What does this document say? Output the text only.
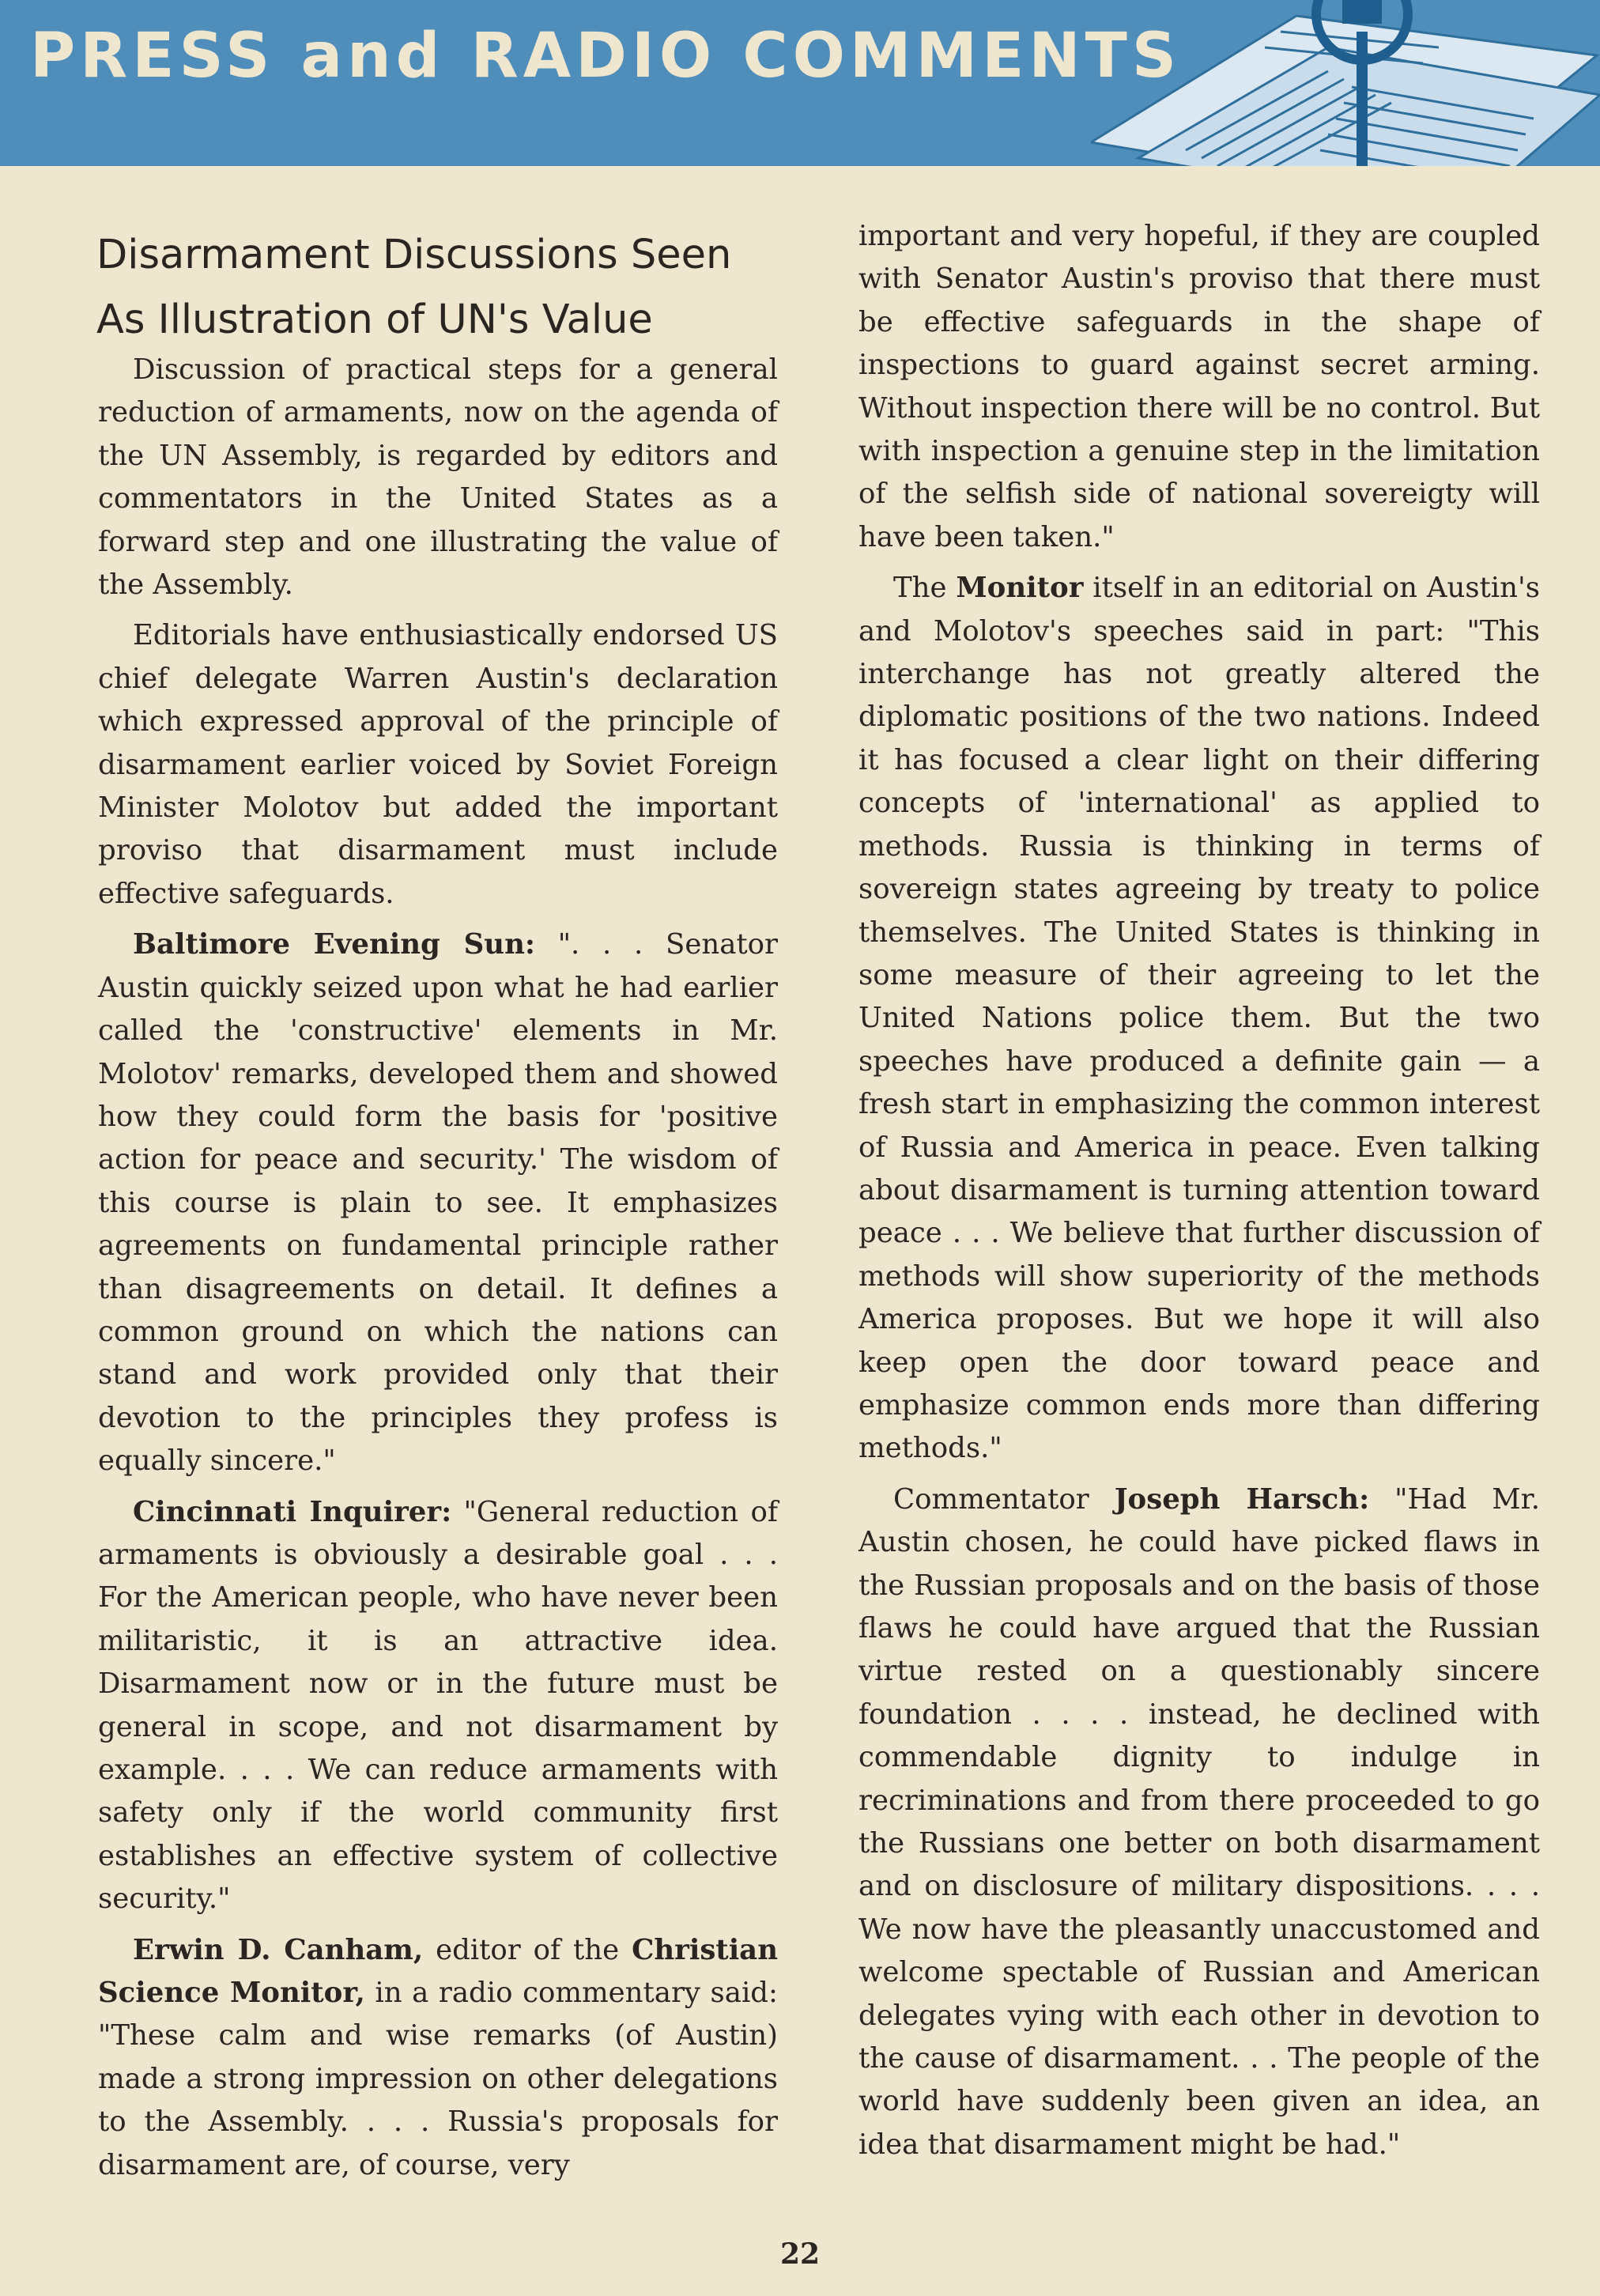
PRESS and RADIO COMMENTS
Disarmament Discussions Seen
As Illustration of UN's Value

Discussion of practical steps for a general reduction of armaments, now on the agenda of the UN Assembly, is regarded by editors and commentators in the United States as a forward step and one illustrating the value of the Assembly.

Editorials have enthusiastically endorsed US chief delegate Warren Austin's declaration which expressed approval of the principle of disarmament earlier voiced by Soviet Foreign Minister Molotov but added the important proviso that disarmament must include effective safeguards.

Baltimore Evening Sun: ". . . Senator Austin quickly seized upon what he had earlier called the 'constructive' elements in Mr. Molotov' remarks, developed them and showed how they could form the basis for 'positive action for peace and security.' The wisdom of this course is plain to see. It emphasizes agreements on fundamental principle rather than disagreements on detail. It defines a common ground on which the nations can stand and work provided only that their devotion to the principles they profess is equally sincere."

Cincinnati Inquirer: "General reduction of armaments is obviously a desirable goal . . . For the American people, who have never been militaristic, it is an attractive idea. Disarmament now or in the future must be general in scope, and not disarmament by example. . . . We can reduce armaments with safety only if the world community first establishes an effective system of collective security."

Erwin D. Canham, editor of the Christian Science Monitor, in a radio commentary said: "These calm and wise remarks (of Austin) made a strong impression on other delegations to the Assembly. . . . Russia's proposals for disarmament are, of course, very

important and very hopeful, if they are coupled with Senator Austin's proviso that there must be effective safeguards in the shape of inspections to guard against secret arming. Without inspection there will be no control. But with inspection a genuine step in the limitation of the selfish side of national sovereigty will have been taken."

The Monitor itself in an editorial on Austin's and Molotov's speeches said in part: "This interchange has not greatly altered the diplomatic positions of the two nations. Indeed it has focused a clear light on their differing concepts of 'international' as applied to methods. Russia is thinking in terms of sovereign states agreeing by treaty to police themselves. The United States is thinking in some measure of their agreeing to let the United Nations police them. But the two speeches have produced a definite gain — a fresh start in emphasizing the common interest of Russia and America in peace. Even talking about disarmament is turning attention toward peace . . . We believe that further discussion of methods will show superiority of the methods America proposes. But we hope it will also keep open the door toward peace and emphasize common ends more than differing methods."

Commentator Joseph Harsch: "Had Mr. Austin chosen, he could have picked flaws in the Russian proposals and on the basis of those flaws he could have argued that the Russian virtue rested on a questionably sincere foundation . . . . instead, he declined with commendable dignity to indulge in recriminations and from there proceeded to go the Russians one better on both disarmament and on disclosure of military dispositions. . . . We now have the pleasantly unaccustomed and welcome spectable of Russian and American delegates vying with each other in devotion to the cause of disarmament. . . The people of the world have suddenly been given an idea, an idea that disarmament might be had."

22
